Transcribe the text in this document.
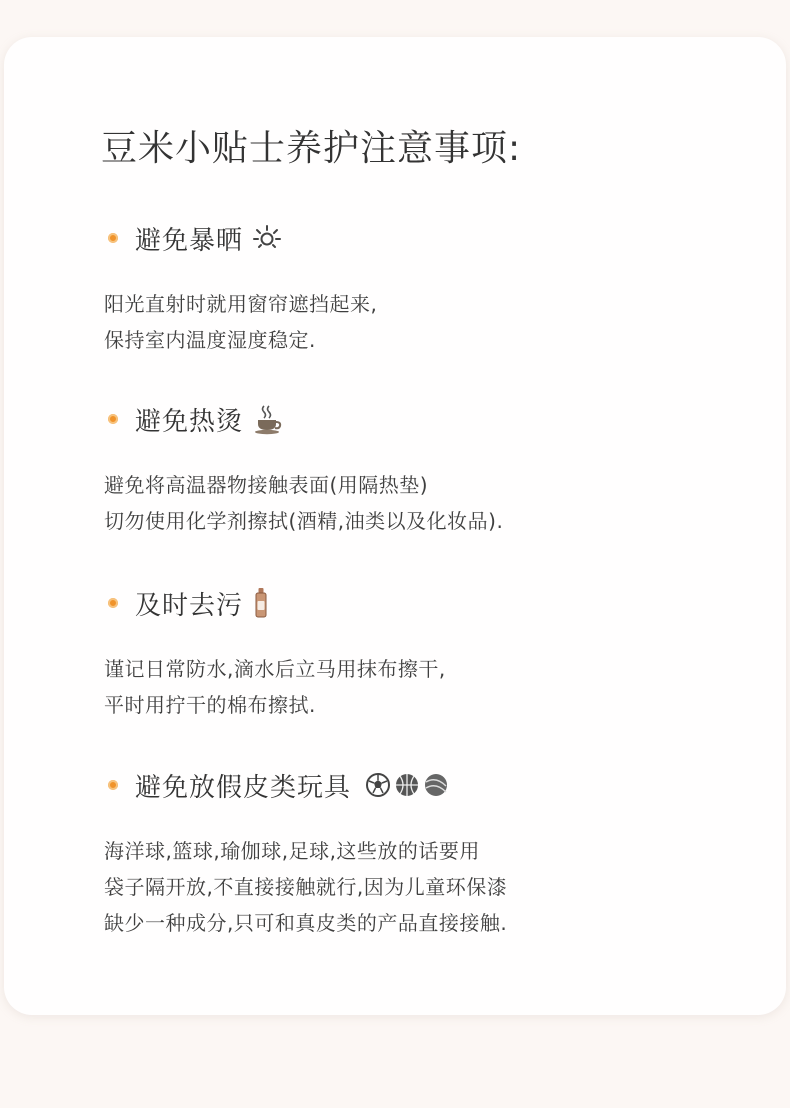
豆米小贴士养护注意事项:
避免暴晒
阳光直射时就用窗帘遮挡起来,
保持室内温度湿度稳定.
避免热烫
避免将高温器物接触表面(用隔热垫)
切勿使用化学剂擦拭(酒精,油类以及化妆品).
及时去污
谨记日常防水,滴水后立马用抹布擦干,
平时用拧干的棉布擦拭.
避免放假皮类玩具
海洋球,篮球,瑜伽球,足球,这些放的话要用
袋子隔开放,不直接接触就行,因为儿童环保漆
缺少一种成分,只可和真皮类的产品直接接触.
